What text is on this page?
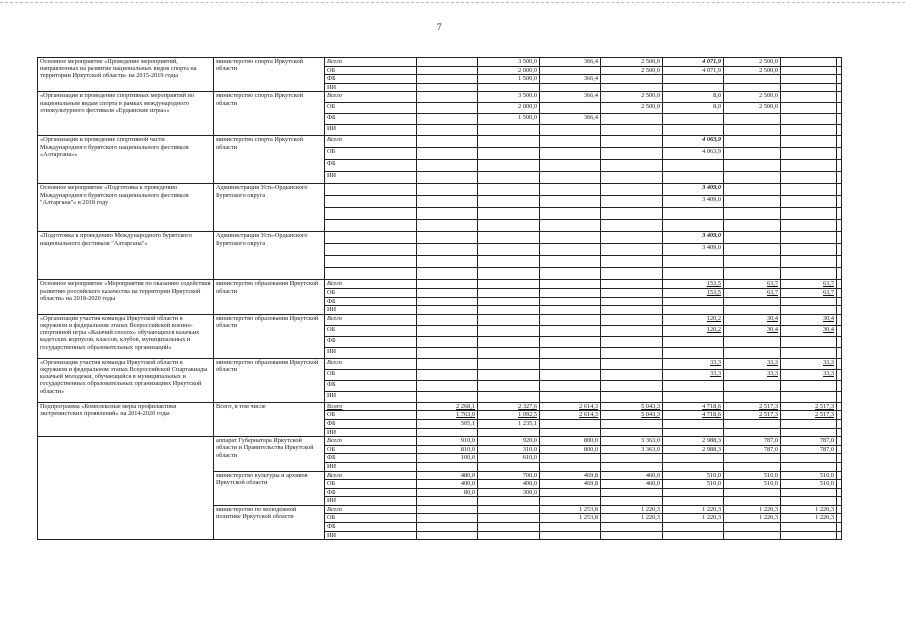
7
Основное мероприятие «Проведение мероприятий, направленных на развитие национальных видов спорта на территории Иркутской области» на 2015-2019 годы	министерство спорта Иркутской области	Всего		3 500,0	366,4	2 500,0	4 071,9	2 500,0		
		ОБ		2 000,0		2 500,0	4 071,9	2 500,0		
		ФБ		1 500,0	366,4					
		ИИ								
«Организация и проведение спортивных мероприятий по национальным видам спорта в рамках международного этнокультурного фестиваля «Ердынские игры»»	министерство спорта Иркутской области	Всего		3 500,0	366,4	2 500,0	8,0	2 500,0		
		ОБ		2 000,0		2 500,0	8,0	2 500,0		
		ФБ		1 500,0	366,4					
		ИИ								
«Организация и проведение спортивной части Международного бурятского национального фестиваля «Алтаргана»»	министерство спорта Иркутской области	Всего					4 063,9			
		ОБ					4 063,9			
		ФБ								
		ИИ								
Основное мероприятие «Подготовка к проведению Международного бурятского национального фестиваля "Алтаргана"» в 2018 году	Администрация Усть-Ордынского Бурятского округа						3 409,0			
							3 409,0			

«Подготовка к проведению Международного бурятского национального фестиваля "Алтаргана"»	Администрация Усть-Ордынского Бурятского округа						3 409,0			
							3 409,0			

Основное мероприятие «Мероприятия по оказанию содействия развитию российского казачества на территории Иркутской области» на 2018-2020 годы	министерство образования Иркутской области	Всего					153,5	63,7	63,7	
		ОБ					153,5	63,7	63,7	
		ФБ								
		ИИ								
«Организация участия команды Иркутской области в окружном и федеральном этапах Всероссийской военно-спортивной игры «Казачий сполох» обучающихся казачьих кадетских корпусов, классов, клубов, муниципальных и государственных образовательных организаций»	министерство образования Иркутской области	Всего					120,2	30,4	30,4	
		ОБ					120,2	30,4	30,4	
		ФБ								
		ИИ								
«Организация участия команды Иркутской области в окружном и федеральном этапах Всероссийской Спартакиады казачьей молодежи, обучающейся в муниципальных и государственных образовательных организациях Иркутской области»	министерство образования Иркутской области	Всего					33,3	33,3	33,3	
		ОБ					33,3	33,3	33,3	
		ФБ								
		ИИ								
Подпрограмма «Комплексные меры профилактики экстремистских проявлений» на 2014-2020 годы	Всего, в том числе	Всего	2 268,1	2 327,6	2 614,3	5 043,3	4 718,6	2 517,3	2 517,3	
		ОБ	1 763,0	1 092,5	2 614,3	5 043,3	4 718,6	2 517,3	2 517,3	
		ФБ	505,1	1 235,1						
		ИИ								
	аппарат Губернатора Иркутской области и Правительства Иркутской области	Всего	910,0	920,0	800,0	3 363,0	2 988,3	787,0	787,0	
		ОБ	810,0	310,0	800,0	3 363,0	2 988,3	787,0	787,0	
		ФБ	100,0	610,0						
		ИИ								
	министерство культуры и архивов Иркутской области	Всего	480,0	700,0	469,8	460,0	510,0	510,0	510,0	
		ОБ	400,0	400,0	469,8	460,0	510,0	510,0	510,0	
		ФБ	80,0	300,0						
		ИИ								
	министерство по молодежной политике Иркутской области	Всего			1 253,8	1 220,3	1 220,3	1 220,3	1 220,3	
		ОБ			1 253,8	1 220,3	1 220,3	1 220,3	1 220,3	
		ФБ								
		ИИ								
